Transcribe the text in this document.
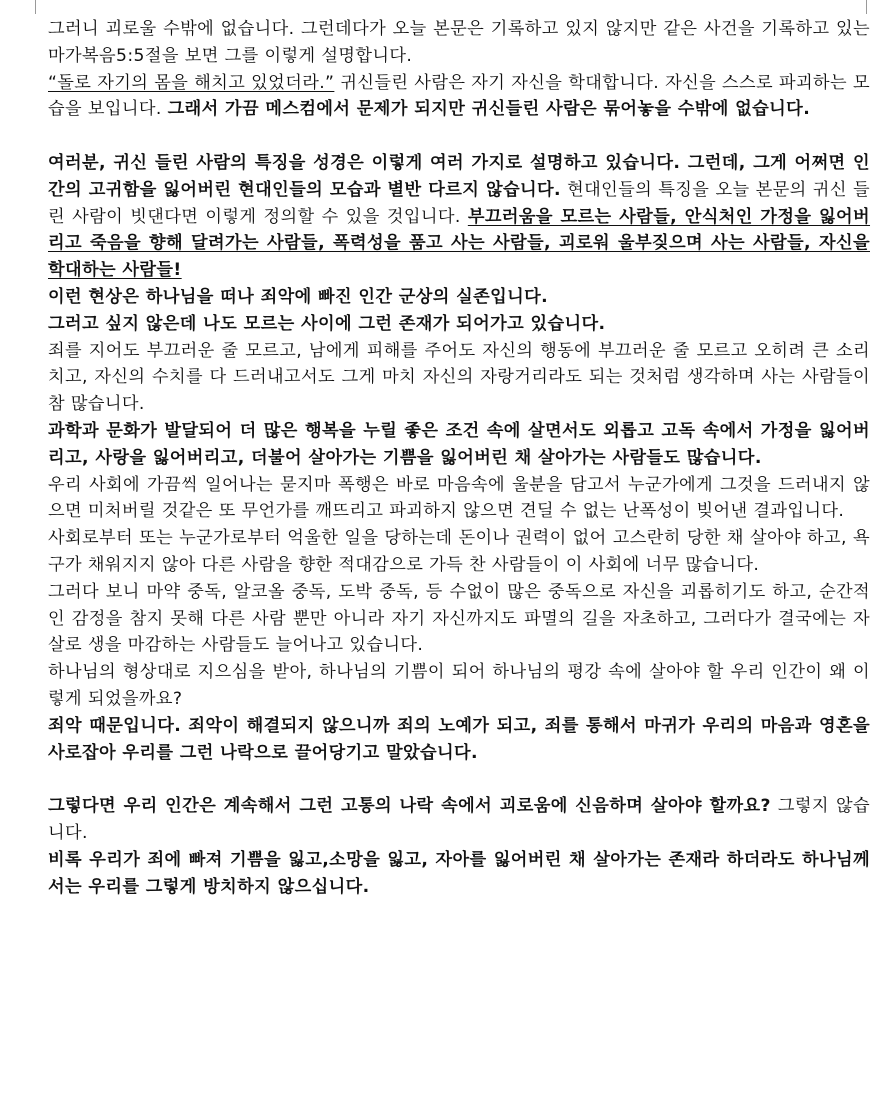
그러니 괴로울 수밖에 없습니다. 그런데다가 오늘 본문은 기록하고 있지 않지만 같은 사건을 기록하고 있는 마가복음5:5절을 보면 그를 이렇게 설명합니다.

“돌로 자기의 몸을 해치고 있었더라.” 귀신들린 사람은 자기 자신을 학대합니다. 자신을 스스로 파괴하는 모습을 보입니다. 그래서 가끔 메스컴에서 문제가 되지만 귀신들린 사람은 묶어놓을 수밖에 없습니다.

여러분, 귀신 들린 사람의 특징을 성경은 이렇게 여러 가지로 설명하고 있습니다. 그런데, 그게 어쩌면 인간의 고귀함을 잃어버린 현대인들의 모습과 별반 다르지 않습니다. 현대인들의 특징을 오늘 본문의 귀신 들린 사람이 빗댄다면 이렇게 정의할 수 있을 것입니다. 부끄러움을 모르는 사람들, 안식처인 가정을 잃어버리고 죽음을 향해 달려가는 사람들, 폭력성을 품고 사는 사람들, 괴로워 울부짖으며 사는 사람들, 자신을 학대하는 사람들!

이런 현상은 하나님을 떠나 죄악에 빠진 인간 군상의 실존입니다.

그러고 싶지 않은데 나도 모르는 사이에 그런 존재가 되어가고 있습니다.

죄를 지어도 부끄러운 줄 모르고, 남에게 피해를 주어도 자신의 행동에 부끄러운 줄 모르고 오히려 큰 소리치고, 자신의 수치를 다 드러내고서도 그게 마치 자신의 자랑거리라도 되는 것처럼 생각하며 사는 사람들이 참 많습니다.

과학과 문화가 발달되어 더 많은 행복을 누릴 좋은 조건 속에 살면서도 외롭고 고독 속에서 가정을 잃어버리고, 사랑을 잃어버리고, 더불어 살아가는 기쁨을 잃어버린 채 살아가는 사람들도 많습니다.

우리 사회에 가끔씩 일어나는 묻지마 폭행은 바로 마음속에 울분을 담고서 누군가에게 그것을 드러내지 않으면 미처버릴 것같은 또 무언가를 깨뜨리고 파괴하지 않으면 견딜 수 없는 난폭성이 빚어낸 결과입니다.

사회로부터 또는 누군가로부터 억울한 일을 당하는데 돈이나 권력이 없어 고스란히 당한 채 살아야 하고, 욕구가 채워지지 않아 다른 사람을 향한 적대감으로 가득 찬 사람들이 이 사회에 너무 많습니다.

그러다 보니 마약 중독, 알코올 중독, 도박 중독, 등 수없이 많은 중독으로 자신을 괴롭히기도 하고, 순간적인 감정을 참지 못해 다른 사람 뿐만 아니라 자기 자신까지도 파멸의 길을 자초하고, 그러다가 결국에는 자살로 생을 마감하는 사람들도 늘어나고 있습니다.

하나님의 형상대로 지으심을 받아, 하나님의 기쁨이 되어 하나님의 평강 속에 살아야 할 우리 인간이 왜 이렇게 되었을까요?

죄악 때문입니다. 죄악이 해결되지 않으니까 죄의 노예가 되고, 죄를 통해서 마귀가 우리의 마음과 영혼을 사로잡아 우리를 그런 나락으로 끌어당기고 말았습니다.

그렇다면 우리 인간은 계속해서 그런 고통의 나락 속에서 괴로움에 신음하며 살아야 할까요? 그렇지 않습니다.

비록 우리가 죄에 빠져 기쁨을 잃고,소망을 잃고, 자아를 잃어버린 채 살아가는 존재라 하더라도 하나님께서는 우리를 그렇게 방치하지 않으십니다.
